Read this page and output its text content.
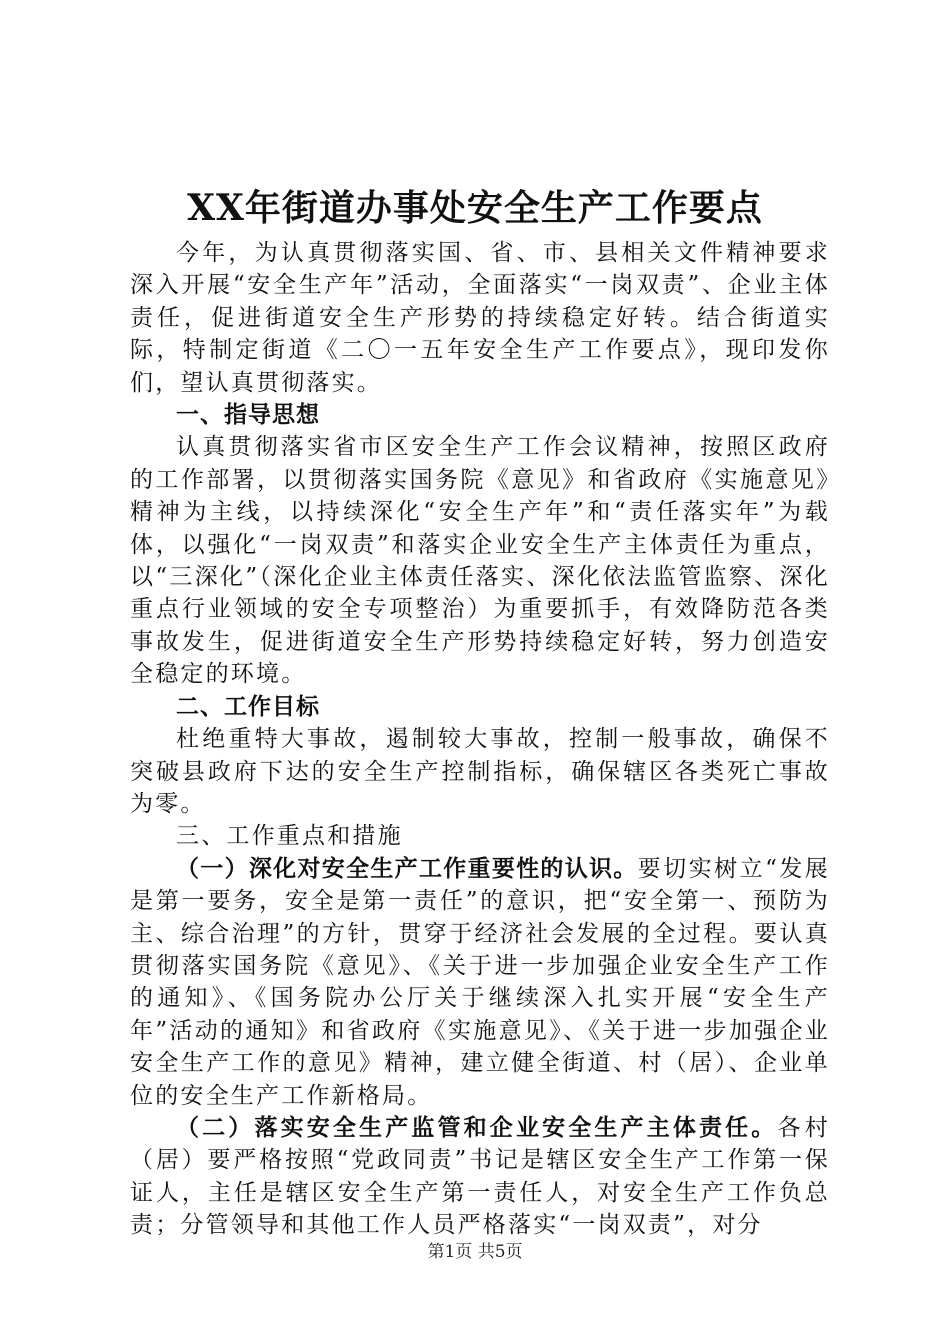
XX年街道办事处安全生产工作要点

今年，为认真贯彻落实国、省、市、县相关文件精神要求深入开展“安全生产年”活动，全面落实“一岗双责”、企业主体责任，促进街道安全生产形势的持续稳定好转。结合街道实际，特制定街道《二〇一五年安全生产工作要点》，现印发你们，望认真贯彻落实。

一、指导思想

认真贯彻落实省市区安全生产工作会议精神，按照区政府的工作部署，以贯彻落实国务院《意见》和省政府《实施意见》精神为主线，以持续深化“安全生产年”和“责任落实年”为载体，以强化“一岗双责”和落实企业安全生产主体责任为重点，以“三深化”（深化企业主体责任落实、深化依法监管监察、深化重点行业领域的安全专项整治）为重要抓手，有效降防范各类事故发生，促进街道安全生产形势持续稳定好转，努力创造安全稳定的环境。

二、工作目标

杜绝重特大事故，遏制较大事故，控制一般事故，确保不突破县政府下达的安全生产控制指标，确保辖区各类死亡事故为零。

三、工作重点和措施

（一）深化对安全生产工作重要性的认识。要切实树立“发展是第一要务，安全是第一责任”的意识，把“安全第一、预防为主、综合治理”的方针，贯穿于经济社会发展的全过程。要认真贯彻落实国务院《意见》、《关于进一步加强企业安全生产工作的通知》、《国务院办公厅关于继续深入扎实开展“安全生产年”活动的通知》和省政府《实施意见》、《关于进一步加强企业安全生产工作的意见》精神，建立健全街道、村（居）、企业单位的安全生产工作新格局。

（二）落实安全生产监管和企业安全生产主体责任。各村（居）要严格按照“党政同责”书记是辖区安全生产工作第一保证人，主任是辖区安全生产第一责任人，对安全生产工作负总责；分管领导和其他工作人员严格落实“一岗双责”，对分

第1页 共5页
